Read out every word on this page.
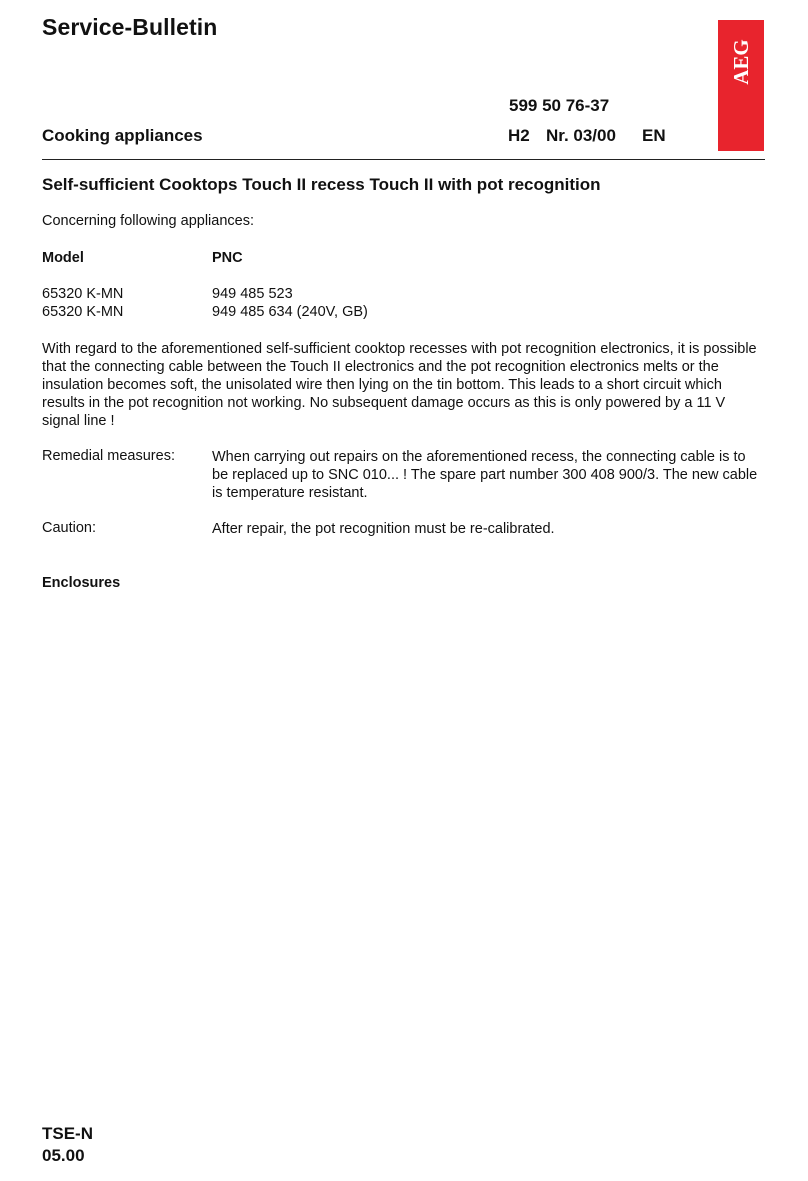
Service-Bulletin
AEG
599 50 76-37
Cooking appliances	H2 Nr. 03/00 EN
Self-sufficient Cooktops Touch II recess Touch II with pot recognition
Concerning following appliances:
Model	PNC
65320 K-MN	949 485 523
65320 K-MN	949 485 634 (240V, GB)
With regard to the aforementioned self-sufficient cooktop recesses with pot recognition electronics, it is possible that the connecting cable between the Touch II electronics and the pot recognition electronics melts or the insulation becomes soft, the unisolated wire then lying on the tin bottom. This leads to a short circuit which results in the pot recognition not working. No subsequent damage occurs as this is only powered by a 11 V signal line !
Remedial measures:	When carrying out repairs on the aforementioned recess, the connecting cable is to be replaced up to SNC 010... ! The spare part number 300 408 900/3. The new cable is temperature resistant.
Caution:	After repair, the pot recognition must be re-calibrated.
Enclosures
TSE-N
05.00
